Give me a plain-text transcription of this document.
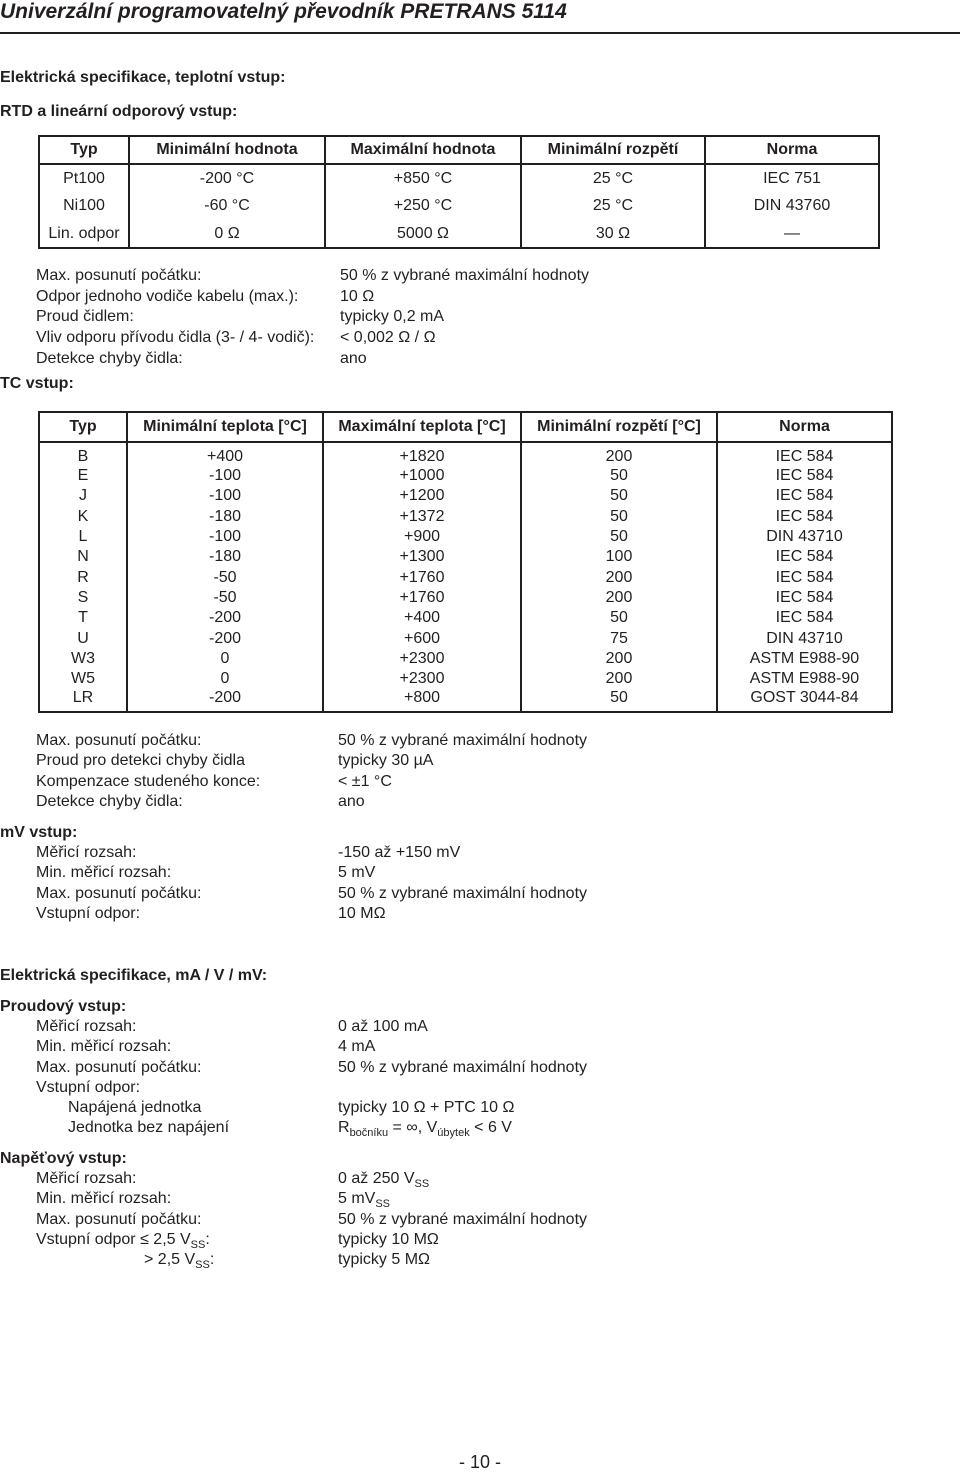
Univerzální programovatelný převodník PRETRANS 5114
Elektrická specifikace, teplotní vstup:
RTD a lineární odporový vstup:
Typ	Minimální hodnota	Maximální hodnota	Minimální rozpětí	Norma
Pt100	-200 °C	+850 °C	25 °C	IEC 751
Ni100	-60 °C	+250 °C	25 °C	DIN 43760
Lin. odpor	0 Ω	5000 Ω	30 Ω	—
Max. posunutí počátku:	50 % z vybrané maximální hodnoty
Odpor jednoho vodiče kabelu (max.):	10 Ω
Proud čidlem:	typicky 0,2 mA
Vliv odporu přívodu čidla (3- / 4- vodič): < 0,002 Ω / Ω
Detekce chyby čidla:	ano
TC vstup:
Typ	Minimální teplota [°C]	Maximální teplota [°C]	Minimální rozpětí [°C]	Norma
B	+400	+1820	200	IEC 584
E	-100	+1000	50	IEC 584
J	-100	+1200	50	IEC 584
K	-180	+1372	50	IEC 584
L	-100	+900	50	DIN 43710
N	-180	+1300	100	IEC 584
R	-50	+1760	200	IEC 584
S	-50	+1760	200	IEC 584
T	-200	+400	50	IEC 584
U	-200	+600	75	DIN 43710
W3	0	+2300	200	ASTM E988-90
W5	0	+2300	200	ASTM E988-90
LR	-200	+800	50	GOST 3044-84
Max. posunutí počátku:	50 % z vybrané maximální hodnoty
Proud pro detekci chyby čidla	typicky 30 µA
Kompenzace studeného konce:	< ±1 °C
Detekce chyby čidla:	ano
mV vstup:
Měřicí rozsah:	-150 až +150 mV
Min. měřicí rozsah:	5 mV
Max. posunutí počátku:	50 % z vybrané maximální hodnoty
Vstupní odpor:	10 MΩ
Elektrická specifikace, mA / V / mV:
Proudový vstup:
Měřicí rozsah:	0 až 100 mA
Min. měřicí rozsah:	4 mA
Max. posunutí počátku:	50 % z vybrané maximální hodnoty
Vstupní odpor:
Napájená jednotka	typicky 10 Ω + PTC 10 Ω
Jednotka bez napájení	$R_{bočníku}$ = ∞, $V_{úbytek} < 6$ V
Napěťový vstup:
Měřicí rozsah:	0 až 250 $V_{SS}$
Min. měřicí rozsah:	5 $mV_{SS}$
Max. posunutí počátku:	50 % z vybrané maximální hodnoty
Vstupní odpor ≤ 2,5 $V_{SS}$:	typicky 10 MΩ
> 2,5 $V_{SS}$:	typicky 5 MΩ
- 10 -
